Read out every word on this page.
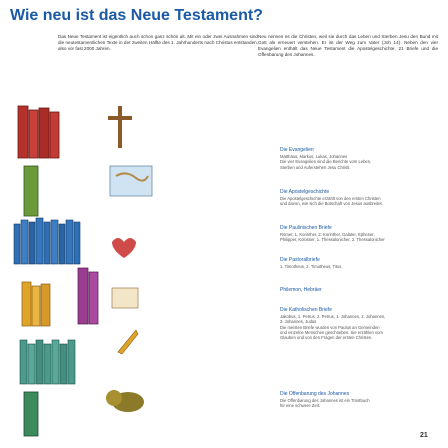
Wie neu ist das Neue Testament?

Das Neue Testament ist eigentlich auch schon ganz schön alt. Mit ein oder zwei Ausnahmen sind die neutestamentlichen Texte in der zweiten Hälfte des 1. Jahrhunderts nach Christus entstanden, also vor fast 2000 Jahren.

Neu nennen es die Christen, weil sie durch das Leben und Sterben Jesu den Bund mit Gott als erneuert verstehen. Er ist der Weg zum Vater (Joh 14). Neben den vier Evangelien enthält das Neue Testament die Apostelgeschichte, 21 Briefe und die Offenbarung des Johannes.

Die Evangelien
Matthäus, Markus, Lukas, Johannes
Die vier Evangelien sind die Berichte vom Leben,
Sterben und Auferstehen Jesu Christi.
Die Apostelgeschichte
Die Apostelgeschichte erzählt von den ersten Christen
und davon, wie sich die Botschaft von Jesus ausbreitet.
Die Paulinischen Briefe
Römer, 1. Korinther, 2. Korinther, Galater, Epheser,
Philipper, Kolosser, 1. Thessalonicher, 2. Thessalonicher
Die Pastoralbriefe
1. Timotheus, 2. Timotheus, Titus
Philemon, Hebräer
Die Katholischen Briefe
Jakobus, 1. Petrus, 2. Petrus, 1. Johannes, 2. Johannes,
3. Johannes, Judas
Die meisten Briefe wurden von Paulus an Gemeinden
und einzelne Menschen geschrieben. Sie erzählen vom
Glauben und von den Fragen der ersten Christen.
Die Offenbarung des Johannes
Die Offenbarung des Johannes ist ein Trostbuch
für eine schwere Zeit.
21
